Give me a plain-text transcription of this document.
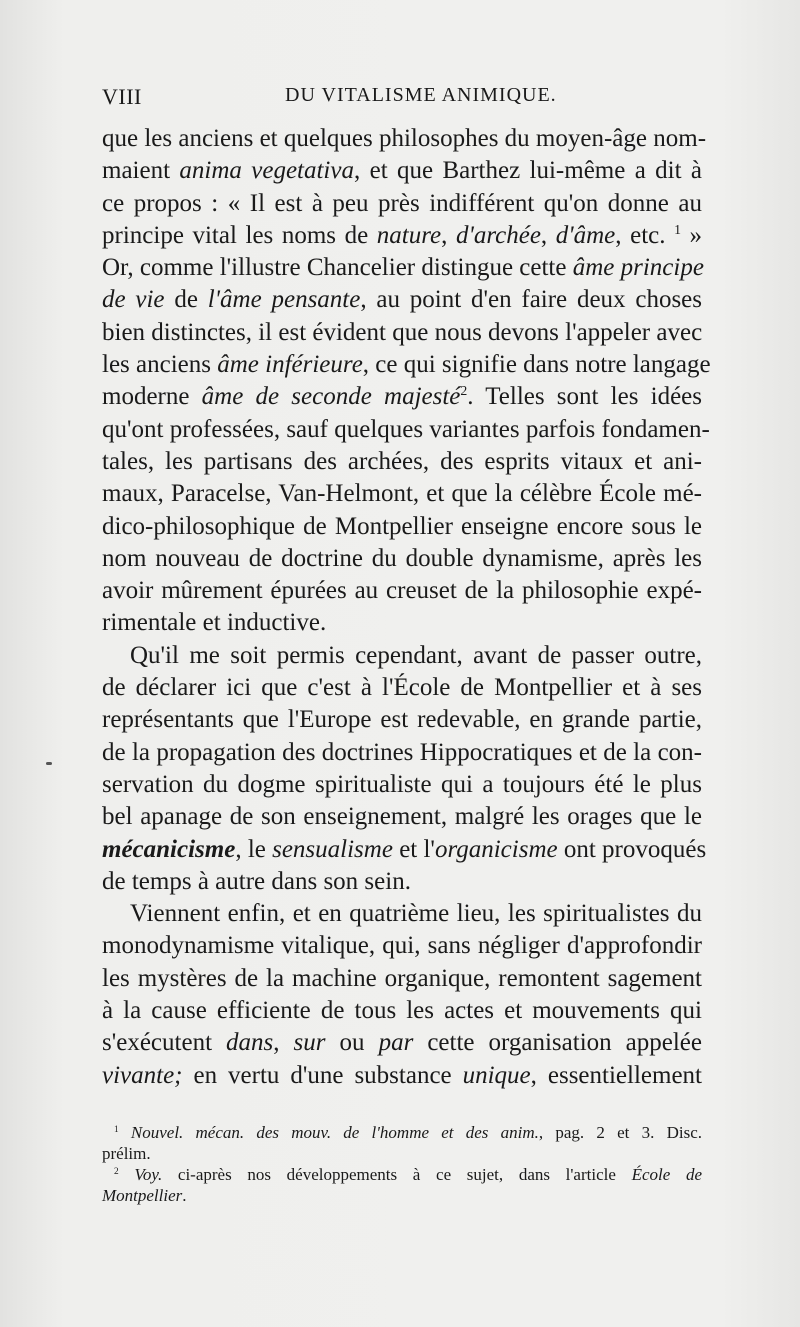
VIII	DU VITALISME ANIMIQUE.
que les anciens et quelques philosophes du moyen-âge nom-
maient anima vegetativa, et que Barthez lui-même a dit à
ce propos : « Il est à peu près indifférent qu'on donne au
principe vital les noms de nature, d'archée, d'âme, etc. $^1$ »
Or, comme l'illustre Chancelier distingue cette âme principe
de vie de l'âme pensante, au point d'en faire deux choses
bien distinctes, il est évident que nous devons l'appeler avec
les anciens âme inférieure, ce qui signifie dans notre langage
moderne âme de seconde majesté$^2$. Telles sont les idées
qu'ont professées, sauf quelques variantes parfois fondamen-
tales, les partisans des archées, des esprits vitaux et ani-
maux, Paracelse, Van-Helmont, et que la célèbre École mé-
dico-philosophique de Montpellier enseigne encore sous le
nom nouveau de doctrine du double dynamisme, après les
avoir mûrement épurées au creuset de la philosophie expé-
rimentale et inductive.
Qu'il me soit permis cependant, avant de passer outre,
de déclarer ici que c'est à l'École de Montpellier et à ses
représentants que l'Europe est redevable, en grande partie,
de la propagation des doctrines Hippocratiques et de la con-
servation du dogme spiritualiste qui a toujours été le plus
bel apanage de son enseignement, malgré les orages que le
mécanicisme, le sensualisme et l'organicisme ont provoqués
de temps à autre dans son sein.
Viennent enfin, et en quatrième lieu, les spiritualistes du
monodynamisme vitalique, qui, sans négliger d'approfondir
les mystères de la machine organique, remontent sagement
à la cause efficiente de tous les actes et mouvements qui
s'exécutent dans, sur ou par cette organisation appelée
vivante; en vertu d'une substance unique, essentiellement
$^1$ Nouvel. mécan. des mouv. de l'homme et des anim., pag. 2 et 3. Disc.
prélim.
$^2$ Voy. ci-après nos développements à ce sujet, dans l'article École de
Montpellier.
